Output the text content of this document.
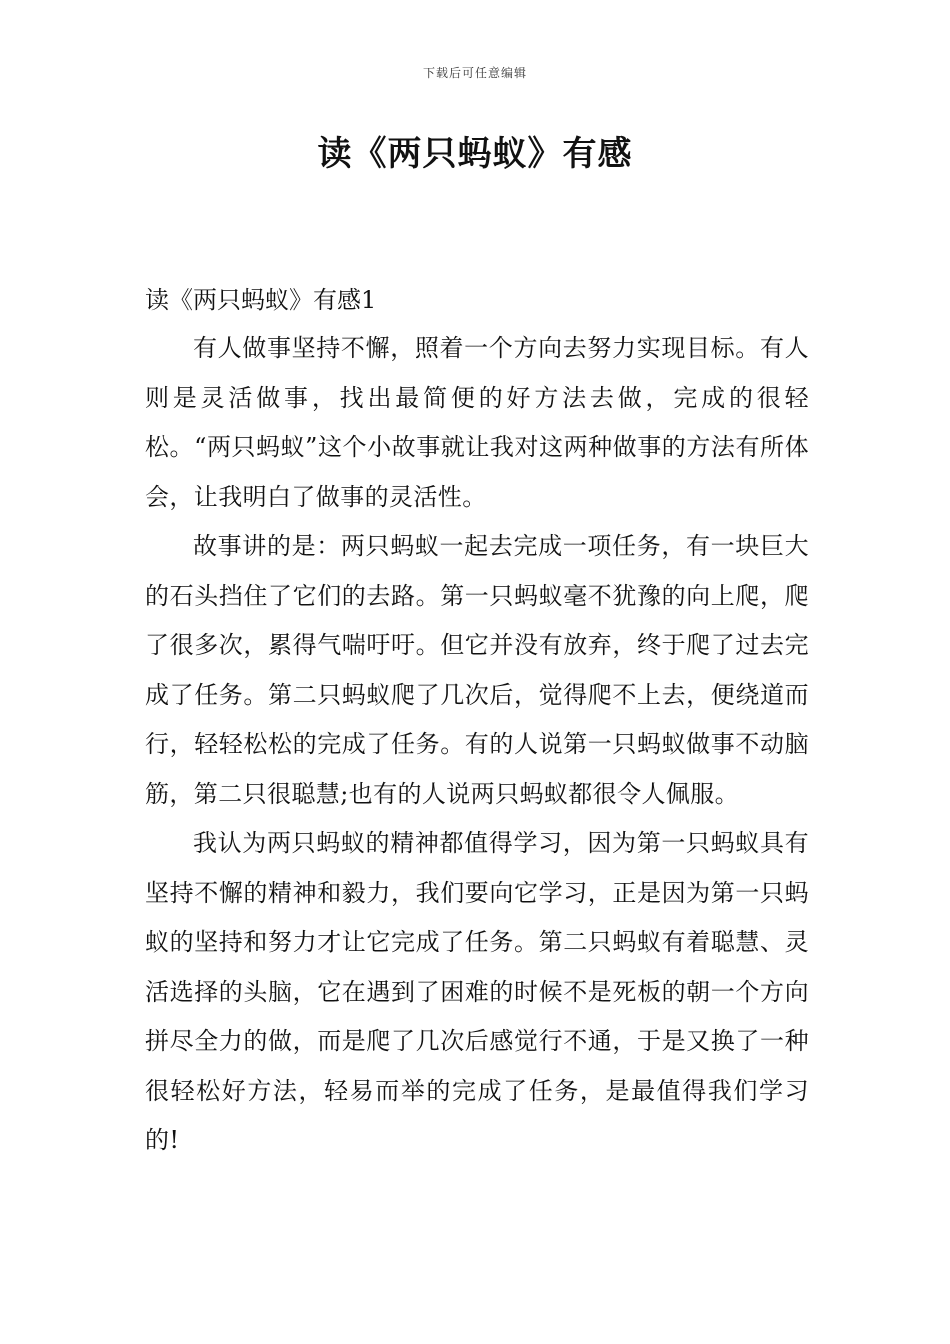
下载后可任意编辑
读《两只蚂蚁》有感

读《两只蚂蚁》有感1

有人做事坚持不懈，照着一个方向去努力实现目标。有人则是灵活做事，找出最简便的好方法去做，完成的很轻松。“两只蚂蚁”这个小故事就让我对这两种做事的方法有所体会，让我明白了做事的灵活性。

故事讲的是：两只蚂蚁一起去完成一项任务，有一块巨大的石头挡住了它们的去路。第一只蚂蚁毫不犹豫的向上爬，爬了很多次，累得气喘吁吁。但它并没有放弃，终于爬了过去完成了任务。第二只蚂蚁爬了几次后，觉得爬不上去，便绕道而行，轻轻松松的完成了任务。有的人说第一只蚂蚁做事不动脑筋，第二只很聪慧;也有的人说两只蚂蚁都很令人佩服。

我认为两只蚂蚁的精神都值得学习，因为第一只蚂蚁具有坚持不懈的精神和毅力，我们要向它学习，正是因为第一只蚂蚁的坚持和努力才让它完成了任务。第二只蚂蚁有着聪慧、灵活选择的头脑，它在遇到了困难的时候不是死板的朝一个方向拼尽全力的做，而是爬了几次后感觉行不通，于是又换了一种很轻松好方法，轻易而举的完成了任务，是最值得我们学习的!
